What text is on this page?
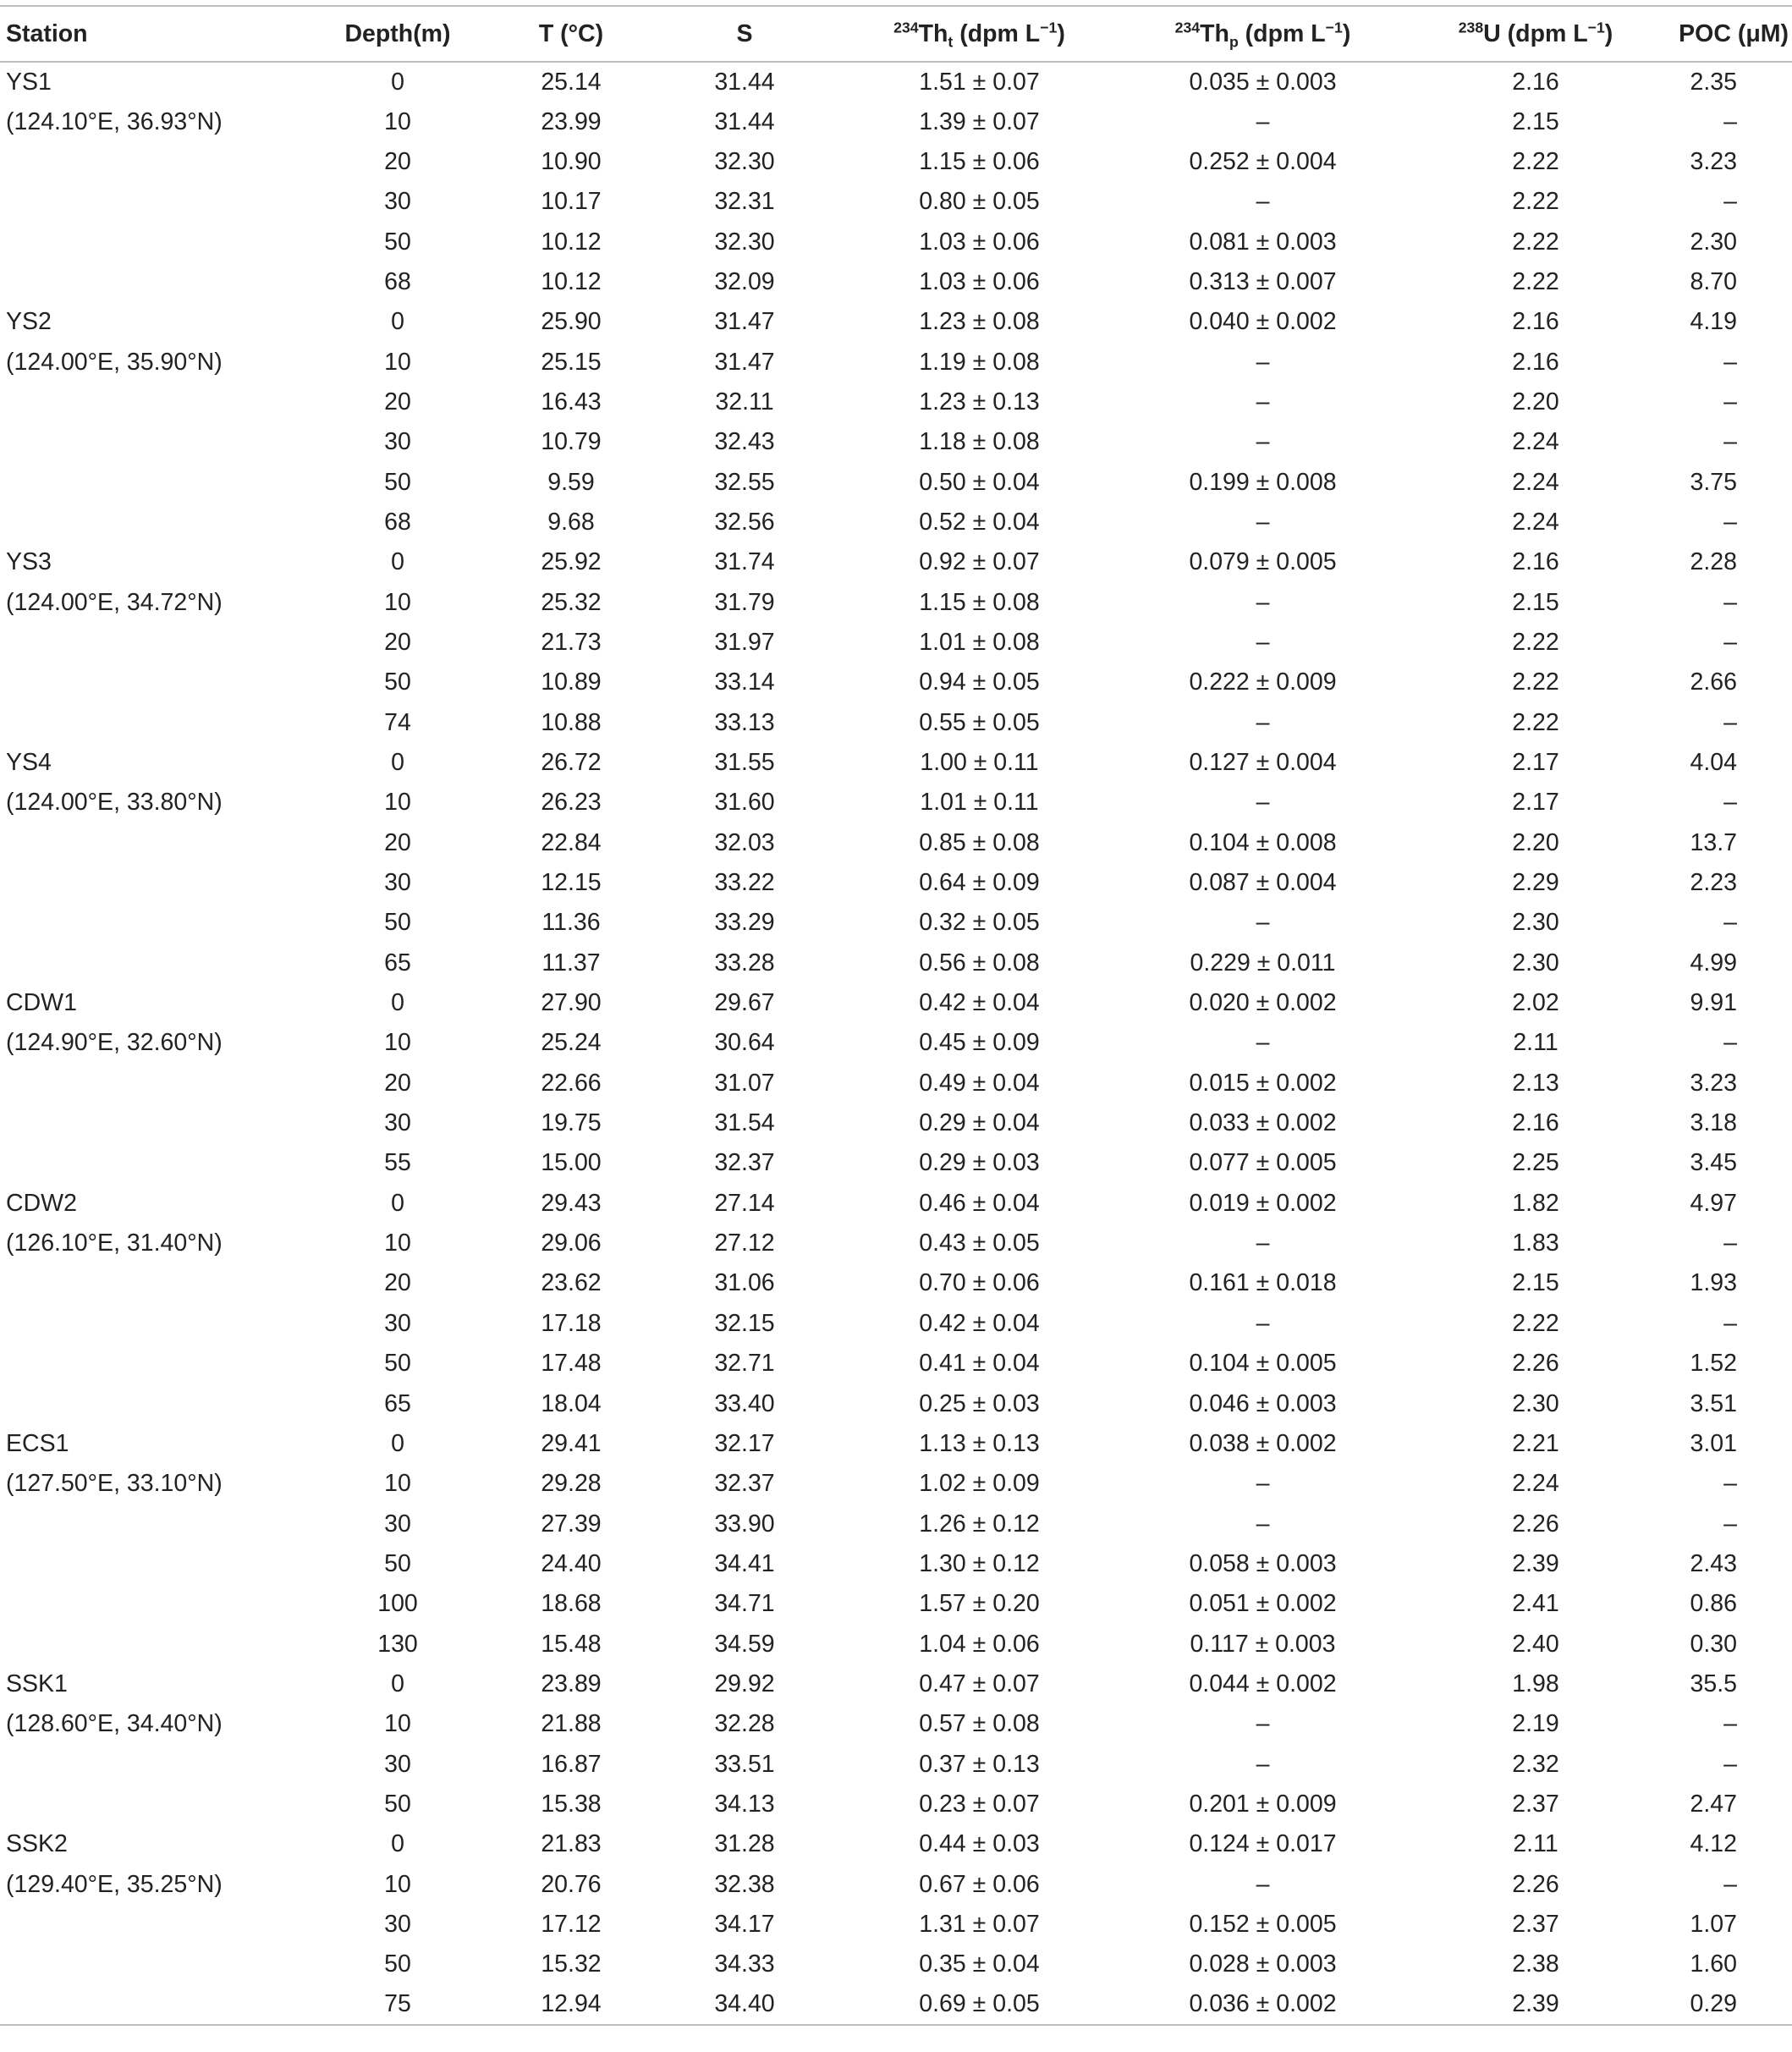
Station	Depth(m)	T (°C)	S	$^{234}Th_t$ (dpm $L^{-1}$)	$^{234}Th_p$ (dpm $L^{-1}$)	$^{238}$U (dpm $L^{-1}$)	POC (μM)
YS1	0	25.14	31.44	1.51 ± 0.07	0.035 ± 0.003	2.16	2.35
(124.10°E, 36.93°N)	10	23.99	31.44	1.39 ± 0.07	–	2.15	–
	20	10.90	32.30	1.15 ± 0.06	0.252 ± 0.004	2.22	3.23
	30	10.17	32.31	0.80 ± 0.05	–	2.22	–
	50	10.12	32.30	1.03 ± 0.06	0.081 ± 0.003	2.22	2.30
	68	10.12	32.09	1.03 ± 0.06	0.313 ± 0.007	2.22	8.70
YS2	0	25.90	31.47	1.23 ± 0.08	0.040 ± 0.002	2.16	4.19
(124.00°E, 35.90°N)	10	25.15	31.47	1.19 ± 0.08	–	2.16	–
	20	16.43	32.11	1.23 ± 0.13	–	2.20	–
	30	10.79	32.43	1.18 ± 0.08	–	2.24	–
	50	9.59	32.55	0.50 ± 0.04	0.199 ± 0.008	2.24	3.75
	68	9.68	32.56	0.52 ± 0.04	–	2.24	–
YS3	0	25.92	31.74	0.92 ± 0.07	0.079 ± 0.005	2.16	2.28
(124.00°E, 34.72°N)	10	25.32	31.79	1.15 ± 0.08	–	2.15	–
	20	21.73	31.97	1.01 ± 0.08	–	2.22	–
	50	10.89	33.14	0.94 ± 0.05	0.222 ± 0.009	2.22	2.66
	74	10.88	33.13	0.55 ± 0.05	–	2.22	–
YS4	0	26.72	31.55	1.00 ± 0.11	0.127 ± 0.004	2.17	4.04
(124.00°E, 33.80°N)	10	26.23	31.60	1.01 ± 0.11	–	2.17	–
	20	22.84	32.03	0.85 ± 0.08	0.104 ± 0.008	2.20	13.7
	30	12.15	33.22	0.64 ± 0.09	0.087 ± 0.004	2.29	2.23
	50	11.36	33.29	0.32 ± 0.05	–	2.30	–
	65	11.37	33.28	0.56 ± 0.08	0.229 ± 0.011	2.30	4.99
CDW1	0	27.90	29.67	0.42 ± 0.04	0.020 ± 0.002	2.02	9.91
(124.90°E, 32.60°N)	10	25.24	30.64	0.45 ± 0.09	–	2.11	–
	20	22.66	31.07	0.49 ± 0.04	0.015 ± 0.002	2.13	3.23
	30	19.75	31.54	0.29 ± 0.04	0.033 ± 0.002	2.16	3.18
	55	15.00	32.37	0.29 ± 0.03	0.077 ± 0.005	2.25	3.45
CDW2	0	29.43	27.14	0.46 ± 0.04	0.019 ± 0.002	1.82	4.97
(126.10°E, 31.40°N)	10	29.06	27.12	0.43 ± 0.05	–	1.83	–
	20	23.62	31.06	0.70 ± 0.06	0.161 ± 0.018	2.15	1.93
	30	17.18	32.15	0.42 ± 0.04	–	2.22	–
	50	17.48	32.71	0.41 ± 0.04	0.104 ± 0.005	2.26	1.52
	65	18.04	33.40	0.25 ± 0.03	0.046 ± 0.003	2.30	3.51
ECS1	0	29.41	32.17	1.13 ± 0.13	0.038 ± 0.002	2.21	3.01
(127.50°E, 33.10°N)	10	29.28	32.37	1.02 ± 0.09	–	2.24	–
	30	27.39	33.90	1.26 ± 0.12	–	2.26	–
	50	24.40	34.41	1.30 ± 0.12	0.058 ± 0.003	2.39	2.43
	100	18.68	34.71	1.57 ± 0.20	0.051 ± 0.002	2.41	0.86
	130	15.48	34.59	1.04 ± 0.06	0.117 ± 0.003	2.40	0.30
SSK1	0	23.89	29.92	0.47 ± 0.07	0.044 ± 0.002	1.98	35.5
(128.60°E, 34.40°N)	10	21.88	32.28	0.57 ± 0.08	–	2.19	–
	30	16.87	33.51	0.37 ± 0.13	–	2.32	–
	50	15.38	34.13	0.23 ± 0.07	0.201 ± 0.009	2.37	2.47
SSK2	0	21.83	31.28	0.44 ± 0.03	0.124 ± 0.017	2.11	4.12
(129.40°E, 35.25°N)	10	20.76	32.38	0.67 ± 0.06	–	2.26	–
	30	17.12	34.17	1.31 ± 0.07	0.152 ± 0.005	2.37	1.07
	50	15.32	34.33	0.35 ± 0.04	0.028 ± 0.003	2.38	1.60
	75	12.94	34.40	0.69 ± 0.05	0.036 ± 0.002	2.39	0.29
